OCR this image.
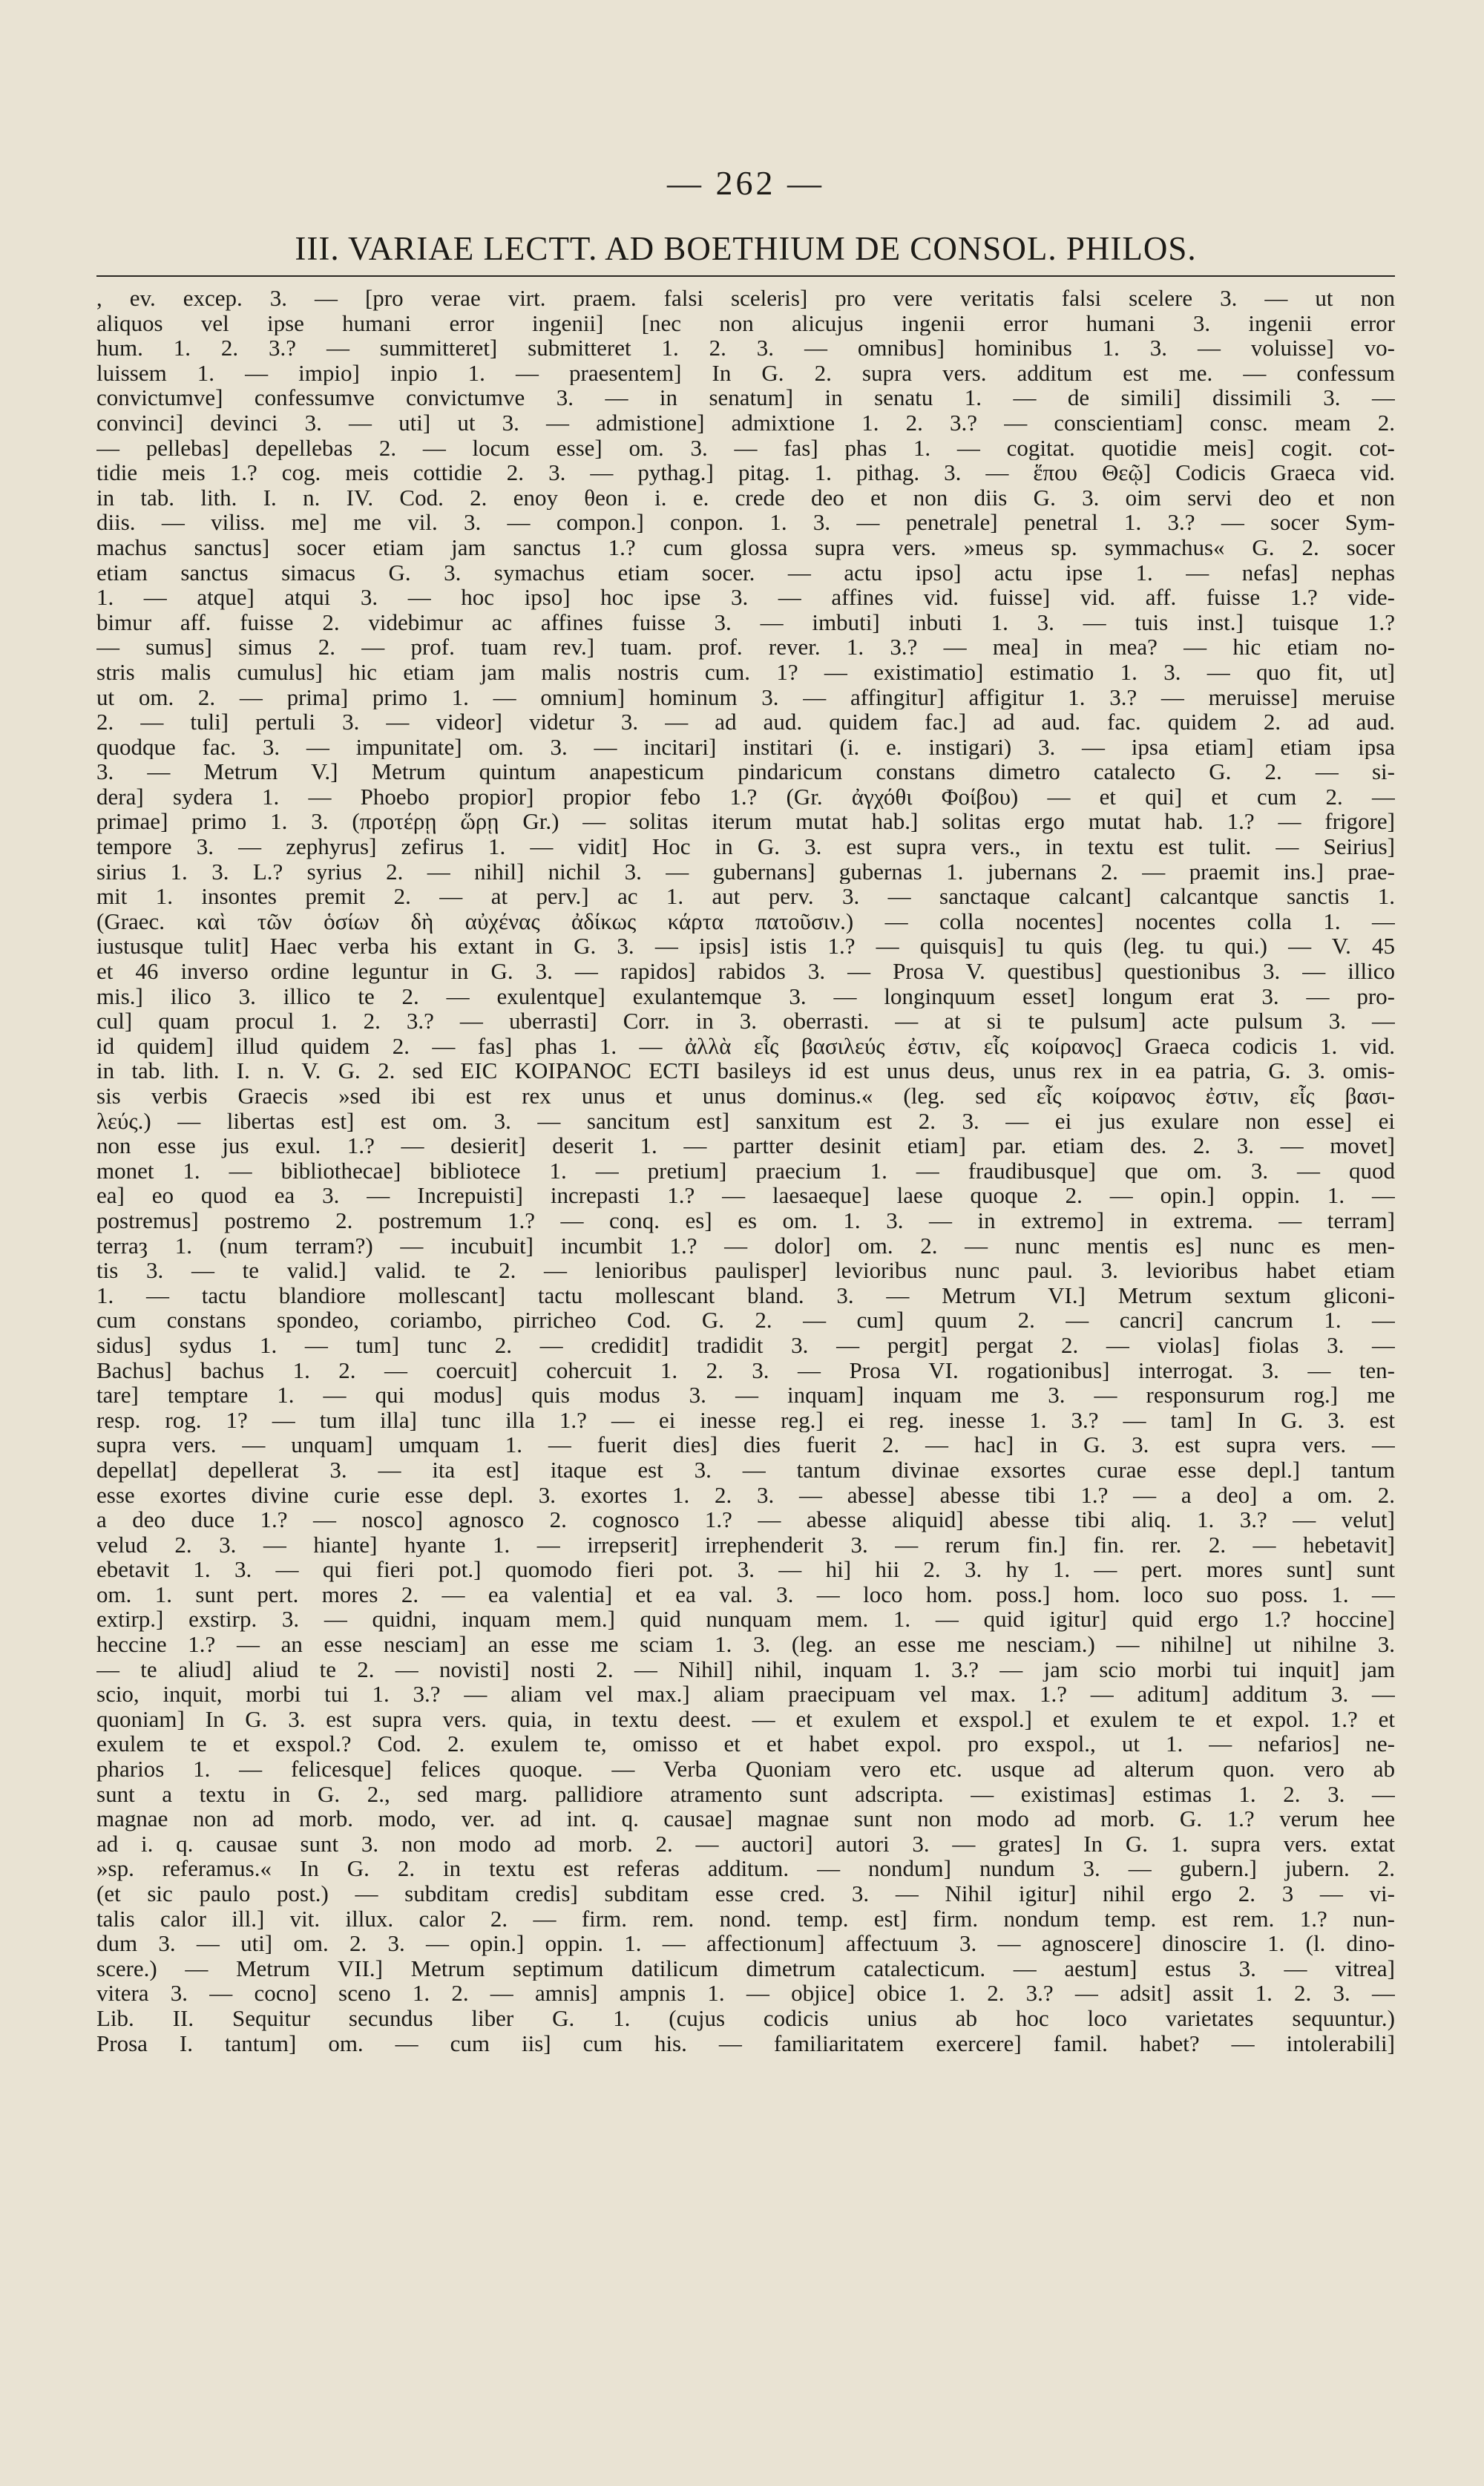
— 262 —
III. VARIAE LECTT. AD BOETHIUM DE CONSOL. PHILOS.
, ev. excep. 3. — [pro verae virt. praem. falsi sceleris] pro vere veritatis falsi scelere 3. — ut non
aliquos vel ipse humani error ingenii] [nec non alicujus ingenii error humani 3. ingenii error
hum. 1. 2. 3.? — summitteret] submitteret 1. 2. 3. — omnibus] hominibus 1. 3. — voluisse] vo-
luissem 1. — impio] inpio 1. — praesentem] In G. 2. supra vers. additum est me. — confessum
convictumve] confessumve convictumve 3. — in senatum] in senatu 1. — de simili] dissimili 3. —
convinci] devinci 3. — uti] ut 3. — admistione] admixtione 1. 2. 3.? — conscientiam] consc. meam 2.
— pellebas] depellebas 2. — locum esse] om. 3. — fas] phas 1. — cogitat. quotidie meis] cogit. cot-
tidie meis 1.? cog. meis cottidie 2. 3. — pythag.] pitag. 1. pithag. 3. — ἕπου Θεῷ] Codicis Graeca vid.
in tab. lith. I. n. IV. Cod. 2. enoy θeon i. e. crede deo et non diis G. 3. oim servi deo et non
diis. — viliss. me] me vil. 3. — compon.] conpon. 1. 3. — penetrale] penetral 1. 3.? — socer Sym-
machus sanctus] socer etiam jam sanctus 1.? cum glossa supra vers. »meus sp. symmachus« G. 2. socer
etiam sanctus simacus G. 3. symachus etiam socer. — actu ipso] actu ipse 1. — nefas] nephas
1. — atque] atqui 3. — hoc ipso] hoc ipse 3. — affines vid. fuisse] vid. aff. fuisse 1.? vide-
bimur aff. fuisse 2. videbimur ac affines fuisse 3. — imbuti] inbuti 1. 3. — tuis inst.] tuisque 1.?
— sumus] simus 2. — prof. tuam rev.] tuam. prof. rever. 1. 3.? — mea] in mea? — hic etiam no-
stris malis cumulus] hic etiam jam malis nostris cum. 1? — existimatio] estimatio 1. 3. — quo fit, ut]
ut om. 2. — prima] primo 1. — omnium] hominum 3. — affingitur] affigitur 1. 3.? — meruisse] meruise
2. — tuli] pertuli 3. — videor] videtur 3. — ad aud. quidem fac.] ad aud. fac. quidem 2. ad aud.
quodque fac. 3. — impunitate] om. 3. — incitari] institari (i. e. instigari) 3. — ipsa etiam] etiam ipsa
3. — Metrum V.] Metrum quintum anapesticum pindaricum constans dimetro catalecto G. 2. — si-
dera] sydera 1. — Phoebo propior] propior febo 1.? (Gr. ἀγχόθι Φοίβου) — et qui] et cum 2. —
primae] primo 1. 3. (προτέρῃ ὥρῃ Gr.) — solitas iterum mutat hab.] solitas ergo mutat hab. 1.? — frigore]
tempore 3. — zephyrus] zefirus 1. — vidit] Hoc in G. 3. est supra vers., in textu est tulit. — Seirius]
sirius 1. 3. L.? syrius 2. — nihil] nichil 3. — gubernans] gubernas 1. jubernans 2. — praemit ins.] prae-
mit 1. insontes premit 2. — at perv.] ac 1. aut perv. 3. — sanctaque calcant] calcantque sanctis 1.
(Graec. καὶ τῶν ὁσίων δὴ αὐχένας ἀδίκως κάρτα πατοῦσιν.) — colla nocentes] nocentes colla 1. —
iustusque tulit] Haec verba his extant in G. 3. — ipsis] istis 1.? — quisquis] tu quis (leg. tu qui.) — V. 45
et 46 inverso ordine leguntur in G. 3. — rapidos] rabidos 3. — Prosa V. questibus] questionibus 3. — illico
mis.] ilico 3. illico te 2. — exulentque] exulantemque 3. — longinquum esset] longum erat 3. — pro-
cul] quam procul 1. 2. 3.? — uberrasti] Corr. in 3. oberrasti. — at si te pulsum] acte pulsum 3. —
id quidem] illud quidem 2. — fas] phas 1. — ἀλλὰ εἷς βασιλεύς ἐστιν, εἷς κοίρανος] Graeca codicis 1. vid.
in tab. lith. I. n. V. G. 2. sed EIC KOIPANOC ECTI basileys id est unus deus, unus rex in ea patria, G. 3. omis-
sis verbis Graecis »sed ibi est rex unus et unus dominus.« (leg. sed εἷς κοίρανος ἐστιν, εἷς βασι-
λεύς.) — libertas est] est om. 3. — sancitum est] sanxitum est 2. 3. — ei jus exulare non esse] ei
non esse jus exul. 1.? — desierit] deserit 1. — partter desinit etiam] par. etiam des. 2. 3. — movet]
monet 1. — bibliothecae] bibliotece 1. — pretium] praecium 1. — fraudibusque] que om. 3. — quod
ea] eo quod ea 3. — Increpuisti] increpasti 1.? — laesaeque] laese quoque 2. — opin.] oppin. 1. —
postremus] postremo 2. postremum 1.? — conq. es] es om. 1. 3. — in extremo] in extrema. — terram]
terraȝ 1. (num terram?) — incubuit] incumbit 1.? — dolor] om. 2. — nunc mentis es] nunc es men-
tis 3. — te valid.] valid. te 2. — lenioribus paulisper] levioribus nunc paul. 3. levioribus habet etiam
1. — tactu blandiore mollescant] tactu mollescant bland. 3. — Metrum VI.] Metrum sextum gliconi-
cum constans spondeo, coriambo, pirricheo Cod. G. 2. — cum] quum 2. — cancri] cancrum 1. —
sidus] sydus 1. — tum] tunc 2. — credidit] tradidit 3. — pergit] pergat 2. — violas] fiolas 3. —
Bachus] bachus 1. 2. — coercuit] cohercuit 1. 2. 3. — Prosa VI. rogationibus] interrogat. 3. — ten-
tare] temptare 1. — qui modus] quis modus 3. — inquam] inquam me 3. — responsurum rog.] me
resp. rog. 1? — tum illa] tunc illa 1.? — ei inesse reg.] ei reg. inesse 1. 3.? — tam] In G. 3. est
supra vers. — unquam] umquam 1. — fuerit dies] dies fuerit 2. — hac] in G. 3. est supra vers. —
depellat] depellerat 3. — ita est] itaque est 3. — tantum divinae exsortes curae esse depl.] tantum
esse exortes divine curie esse depl. 3. exortes 1. 2. 3. — abesse] abesse tibi 1.? — a deo] a om. 2.
a deo duce 1.? — nosco] agnosco 2. cognosco 1.? — abesse aliquid] abesse tibi aliq. 1. 3.? — velut]
velud 2. 3. — hiante] hyante 1. — irrepserit] irrephenderit 3. — rerum fin.] fin. rer. 2. — hebetavit]
ebetavit 1. 3. — qui fieri pot.] quomodo fieri pot. 3. — hi] hii 2. 3. hy 1. — pert. mores sunt] sunt
om. 1. sunt pert. mores 2. — ea valentia] et ea val. 3. — loco hom. poss.] hom. loco suo poss. 1. —
extirp.] exstirp. 3. — quidni, inquam mem.] quid nunquam mem. 1. — quid igitur] quid ergo 1.? hoccine]
heccine 1.? — an esse nesciam] an esse me sciam 1. 3. (leg. an esse me nesciam.) — nihilne] ut nihilne 3.
— te aliud] aliud te 2. — novisti] nosti 2. — Nihil] nihil, inquam 1. 3.? — jam scio morbi tui inquit] jam
scio, inquit, morbi tui 1. 3.? — aliam vel max.] aliam praecipuam vel max. 1.? — aditum] additum 3. —
quoniam] In G. 3. est supra vers. quia, in textu deest. — et exulem et exspol.] et exulem te et expol. 1.? et
exulem te et exspol.? Cod. 2. exulem te, omisso et et habet expol. pro exspol., ut 1. — nefarios] ne-
pharios 1. — felicesque] felices quoque. — Verba Quoniam vero etc. usque ad alterum quon. vero ab
sunt a textu in G. 2., sed marg. pallidiore atramento sunt adscripta. — existimas] estimas 1. 2. 3. —
magnae non ad morb. modo, ver. ad int. q. causae] magnae sunt non modo ad morb. G. 1.? verum hee
ad i. q. causae sunt 3. non modo ad morb. 2. — auctori] autori 3. — grates] In G. 1. supra vers. extat
»sp. referamus.« In G. 2. in textu est referas additum. — nondum] nundum 3. — gubern.] jubern. 2.
(et sic paulo post.) — subditam credis] subditam esse cred. 3. — Nihil igitur] nihil ergo 2. 3 — vi-
talis calor ill.] vit. illux. calor 2. — firm. rem. nond. temp. est] firm. nondum temp. est rem. 1.? nun-
dum 3. — uti] om. 2. 3. — opin.] oppin. 1. — affectionum] affectuum 3. — agnoscere] dinoscire 1. (l. dino-
scere.) — Metrum VII.] Metrum septimum datilicum dimetrum catalecticum. — aestum] estus 3. — vitrea]
vitera 3. — cocno] sceno 1. 2. — amnis] ampnis 1. — objice] obice 1. 2. 3.? — adsit] assit 1. 2. 3. —
Lib. II. Sequitur secundus liber G. 1. (cujus codicis unius ab hoc loco varietates sequuntur.)
Prosa I. tantum] om. — cum iis] cum his. — familiaritatem exercere] famil. habet? — intolerabili]
